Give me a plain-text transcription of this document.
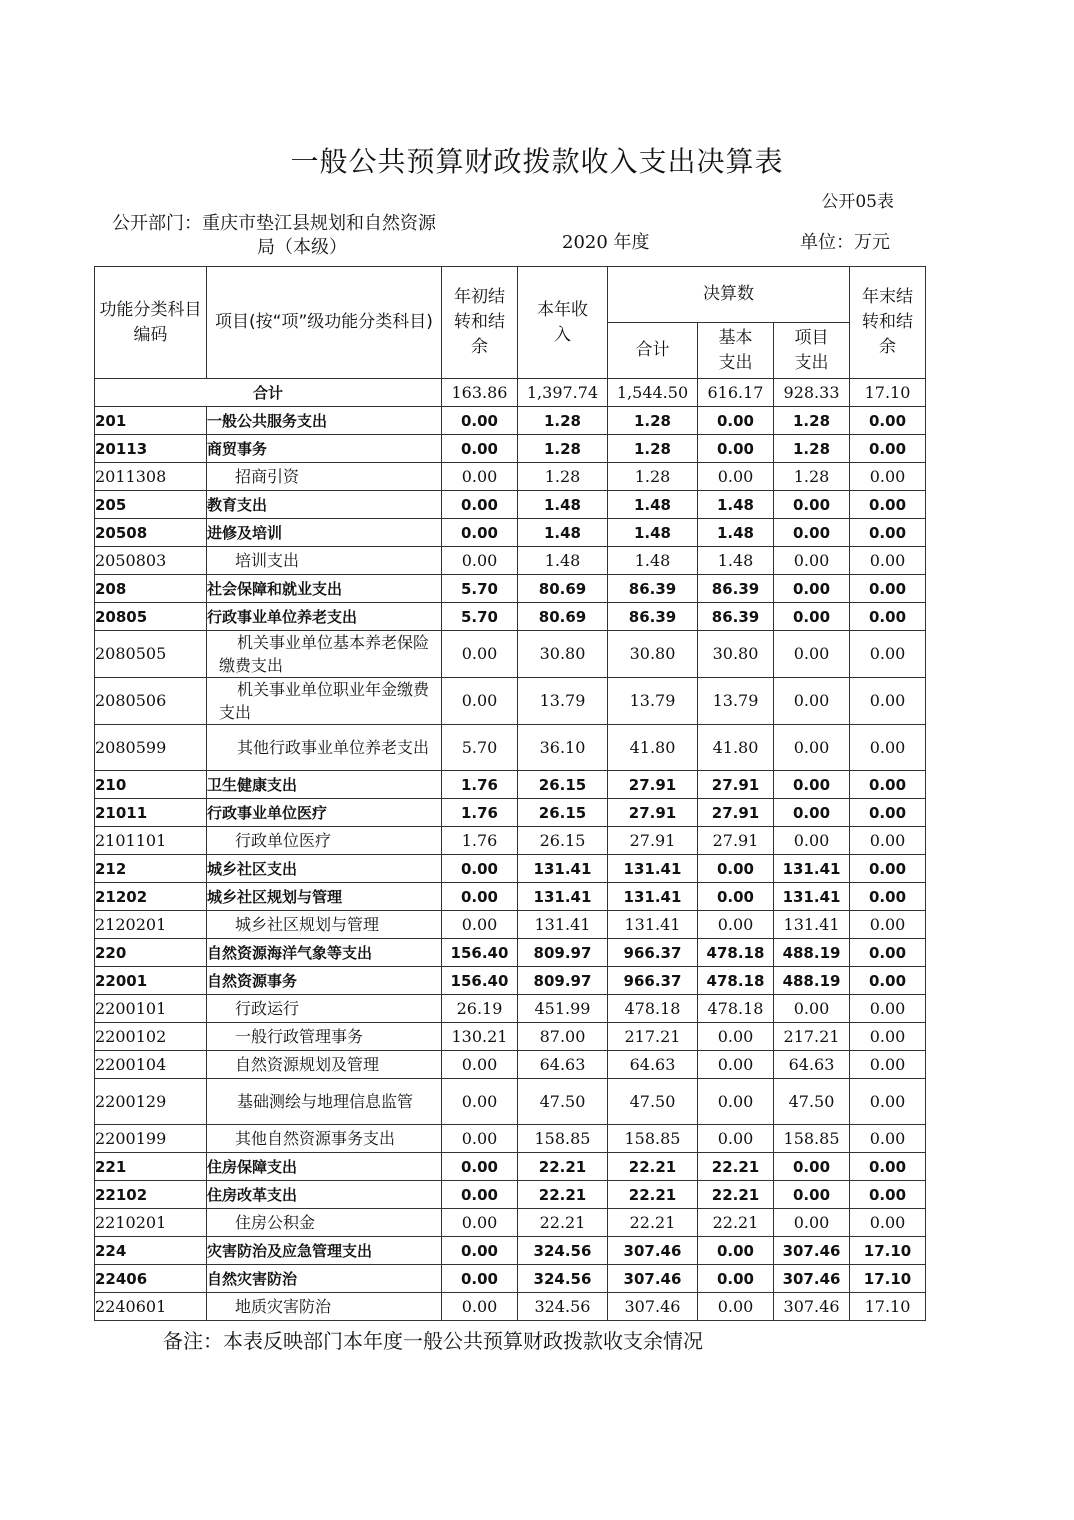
一般公共预算财政拨款收入支出决算表
公开05表
公开部门：重庆市垫江县规划和自然资源
局（本级）	2020 年度	单位：万元
功能分类科目编码	项目(按“项”级功能分类科目)	年初结转和结余	本年收入	决算数			年末结转和结余
				合计	基本支出	项目支出	
合计		163.86	1,397.74	1,544.50	616.17	928.33	17.10
201	一般公共服务支出	0.00	1.28	1.28	0.00	1.28	0.00
20113	商贸事务	0.00	1.28	1.28	0.00	1.28	0.00
2011308	招商引资	0.00	1.28	1.28	0.00	1.28	0.00
205	教育支出	0.00	1.48	1.48	1.48	0.00	0.00
20508	进修及培训	0.00	1.48	1.48	1.48	0.00	0.00
2050803	培训支出	0.00	1.48	1.48	1.48	0.00	0.00
208	社会保障和就业支出	5.70	80.69	86.39	86.39	0.00	0.00
20805	行政事业单位养老支出	5.70	80.69	86.39	86.39	0.00	0.00
2080505	机关事业单位基本养老保险缴费支出	0.00	30.80	30.80	30.80	0.00	0.00
2080506	机关事业单位职业年金缴费支出	0.00	13.79	13.79	13.79	0.00	0.00
2080599	其他行政事业单位养老支出	5.70	36.10	41.80	41.80	0.00	0.00
210	卫生健康支出	1.76	26.15	27.91	27.91	0.00	0.00
21011	行政事业单位医疗	1.76	26.15	27.91	27.91	0.00	0.00
2101101	行政单位医疗	1.76	26.15	27.91	27.91	0.00	0.00
212	城乡社区支出	0.00	131.41	131.41	0.00	131.41	0.00
21202	城乡社区规划与管理	0.00	131.41	131.41	0.00	131.41	0.00
2120201	城乡社区规划与管理	0.00	131.41	131.41	0.00	131.41	0.00
220	自然资源海洋气象等支出	156.40	809.97	966.37	478.18	488.19	0.00
22001	自然资源事务	156.40	809.97	966.37	478.18	488.19	0.00
2200101	行政运行	26.19	451.99	478.18	478.18	0.00	0.00
2200102	一般行政管理事务	130.21	87.00	217.21	0.00	217.21	0.00
2200104	自然资源规划及管理	0.00	64.63	64.63	0.00	64.63	0.00
2200129	基础测绘与地理信息监管	0.00	47.50	47.50	0.00	47.50	0.00
2200199	其他自然资源事务支出	0.00	158.85	158.85	0.00	158.85	0.00
221	住房保障支出	0.00	22.21	22.21	22.21	0.00	0.00
22102	住房改革支出	0.00	22.21	22.21	22.21	0.00	0.00
2210201	住房公积金	0.00	22.21	22.21	22.21	0.00	0.00
224	灾害防治及应急管理支出	0.00	324.56	307.46	0.00	307.46	17.10
22406	自然灾害防治	0.00	324.56	307.46	0.00	307.46	17.10
2240601	地质灾害防治	0.00	324.56	307.46	0.00	307.46	17.10
备注：本表反映部门本年度一般公共预算财政拨款收支余情况
